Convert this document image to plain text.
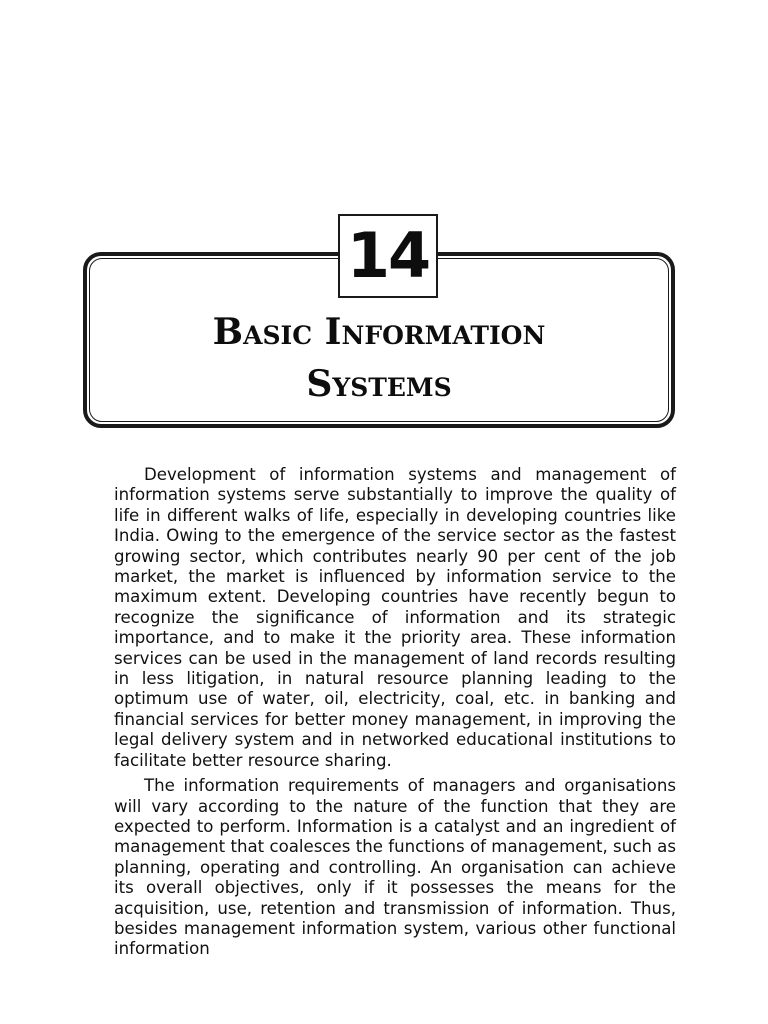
14
Basic Information
Systems

Development of information systems and management of information systems serve substantially to improve the quality of life in different walks of life, especially in developing countries like India. Owing to the emergence of the service sector as the fastest growing sector, which contributes nearly 90 per cent of the job market, the market is influenced by information service to the maximum extent. Developing countries have recently begun to recognize the significance of information and its strategic importance, and to make it the priority area. These information services can be used in the management of land records resulting in less litigation, in natural resource planning leading to the optimum use of water, oil, electricity, coal, etc. in banking and financial services for better money management, in improving the legal delivery system and in networked educational institutions to facilitate better resource sharing.

The information requirements of managers and organisations will vary according to the nature of the function that they are expected to perform. Information is a catalyst and an ingredient of management that coalesces the functions of management, such as planning, operating and controlling. An organisation can achieve its overall objectives, only if it possesses the means for the acquisition, use, retention and transmission of information. Thus, besides management information system, various other functional information
